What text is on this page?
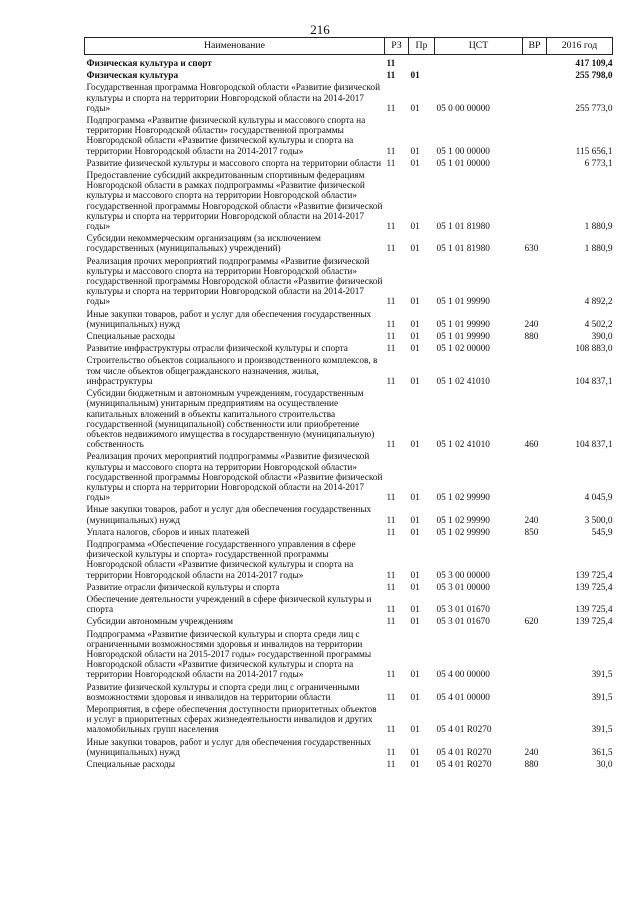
216
Наименование	РЗ	Пр	ЦСТ	ВР	2016 год
Физическая культура и спорт	11				417 109,4
Физическая культура	11	01			255 798,0
Государственная программа Новгородской области «Развитие физической культуры и спорта на территории Новгородской области на 2014-2017 годы»	11	01	05 0 00 00000		255 773,0
Подпрограмма «Развитие физической культуры и массового спорта на территории Новгородской области» государственной программы Новгородской области «Развитие физической культуры и спорта на территории Новгородской области на 2014-2017 годы»	11	01	05 1 00 00000		115 656,1
Развитие физической культуры и массового спорта на территории области	11	01	05 1 01 00000		6 773,1
Предоставление субсидий аккредитованным спортивным федерациям Новгородской области в рамках подпрограммы «Развитие физической культуры и массового спорта на территории Новгородской области» государственной программы Новгородской области «Развитие физической культуры и спорта на территории Новгородской области на 2014-2017 годы»	11	01	05 1 01 81980		1 880,9
Субсидии некоммерческим организациям (за исключением государственных (муниципальных) учреждений)	11	01	05 1 01 81980	630	1 880,9
Реализация прочих мероприятий подпрограммы «Развитие физической культуры и массового спорта на территории Новгородской области» государственной программы Новгородской области «Развитие физической культуры и спорта на территории Новгородской области на 2014-2017 годы»	11	01	05 1 01 99990		4 892,2
Иные закупки товаров, работ и услуг для обеспечения государственных (муниципальных) нужд	11	01	05 1 01 99990	240	4 502,2
Специальные расходы	11	01	05 1 01 99990	880	390,0
Развитие инфраструктуры отрасли физической культуры и спорта	11	01	05 1 02 00000		108 883,0
Строительство объектов социального и производственного комплексов, в том числе объектов общегражданского назначения, жилья, инфраструктуры	11	01	05 1 02 41010		104 837,1
Субсидии бюджетным и автономным учреждениям, государственным (муниципальным) унитарным предприятиям на осуществление капитальных вложений в объекты капитального строительства государственной (муниципальной) собственности или приобретение объектов недвижимого имущества в государственную (муниципальную) собственность	11	01	05 1 02 41010	460	104 837,1
Реализация прочих мероприятий подпрограммы «Развитие физической культуры и массового спорта на территории Новгородской области» государственной программы Новгородской области «Развитие физической культуры и спорта на территории Новгородской области на 2014-2017 годы»	11	01	05 1 02 99990		4 045,9
Иные закупки товаров, работ и услуг для обеспечения государственных (муниципальных) нужд	11	01	05 1 02 99990	240	3 500,0
Уплата налогов, сборов и иных платежей	11	01	05 1 02 99990	850	545,9
Подпрограмма «Обеспечение государственного управления в сфере физической культуры и спорта» государственной программы Новгородской области «Развитие физической культуры и спорта на территории Новгородской области на 2014-2017 годы»	11	01	05 3 00 00000		139 725,4
Развитие отрасли физической культуры и спорта	11	01	05 3 01 00000		139 725,4
Обеспечение деятельности учреждений в сфере физической культуры и спорта	11	01	05 3 01 01670		139 725,4
Субсидии автономным учреждениям	11	01	05 3 01 01670	620	139 725,4
Подпрограмма «Развитие физической культуры и спорта среди лиц с ограниченными возможностями здоровья и инвалидов на территории Новгородской области на 2015-2017 годы» государственной программы Новгородской области «Развитие физической культуры и спорта на территории Новгородской области на 2014-2017 годы»	11	01	05 4 00 00000		391,5
Развитие физической культуры и спорта среди лиц с ограниченными возможностями здоровья и инвалидов на территории области	11	01	05 4 01 00000		391,5
Мероприятия, в сфере обеспечения доступности приоритетных объектов и услуг в приоритетных сферах жизнедеятельности инвалидов и других маломобильных групп населения	11	01	05 4 01 R0270		391,5
Иные закупки товаров, работ и услуг для обеспечения государственных (муниципальных) нужд	11	01	05 4 01 R0270	240	361,5
Специальные расходы	11	01	05 4 01 R0270	880	30,0
